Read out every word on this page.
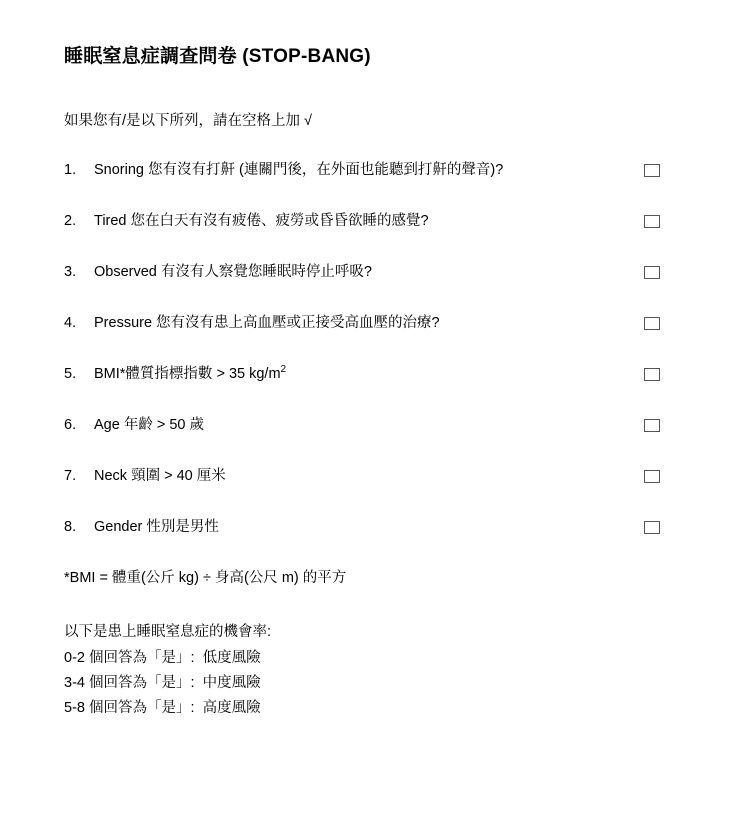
睡眠窒息症調查問卷 (STOP-BANG)
如果您有/是以下所列，請在空格上加 √
1.	Snoring 您有沒有打鼾 (連關門後，在外面也能聽到打鼾的聲音)?
2.	Tired 您在白天有沒有疲倦、疲勞或昏昏欲睡的感覺?
3.	Observed 有沒有人察覺您睡眠時停止呼吸?
4.	Pressure 您有沒有患上高血壓或正接受高血壓的治療?
5.	BMI*體質指標指數 > 35 $kg/m^2$
6.	Age 年齡 > 50 歲
7.	Neck 頸圍 > 40 厘米
8.	Gender 性別是男性
*BMI = 體重(公斤 kg) ÷ 身高(公尺 m) 的平方
以下是患上睡眠窒息症的機會率:
0-2 個回答為「是」:  低度風險
3-4 個回答為「是」:  中度風險
5-8 個回答為「是」:  高度風險
